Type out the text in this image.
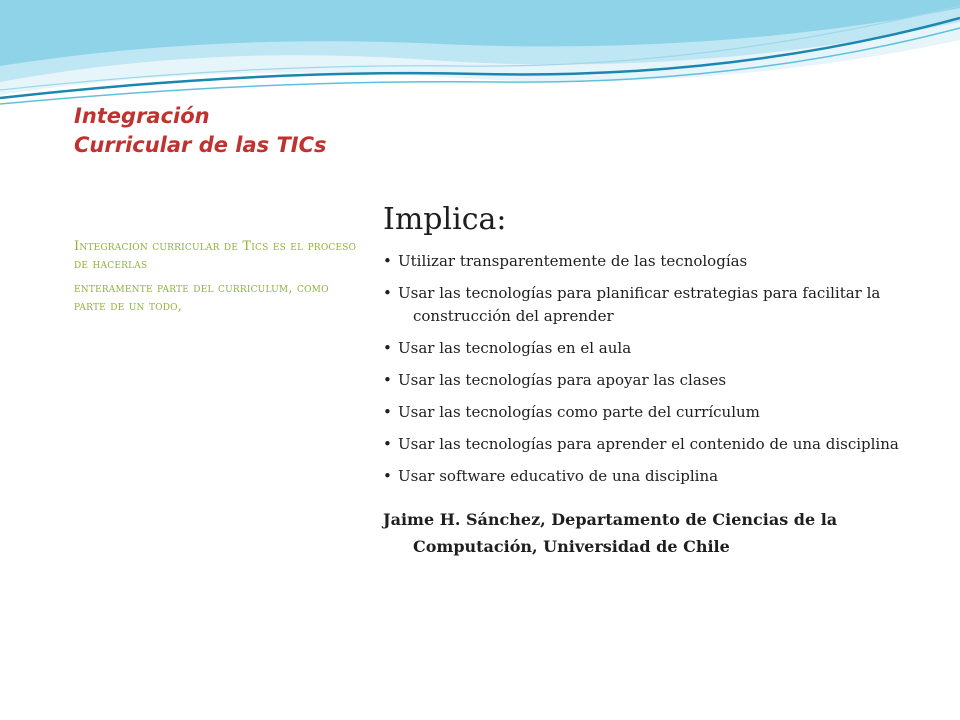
Integración
Curricular de las TICs

Integración curricular de Tics es el proceso de hacerlas

enteramente parte del curriculum, como parte de un todo,

Implica:
• Utilizar transparentemente de las tecnologías
• Usar las tecnologías para planificar estrategias para facilitar la construcción del aprender
• Usar las tecnologías en el aula
• Usar las tecnologías para apoyar las clases
• Usar las tecnologías como parte del currículum
• Usar las tecnologías para aprender el contenido de una disciplina
• Usar software educativo de una disciplina
Jaime H. Sánchez, Departamento de Ciencias de la Computación, Universidad de Chile
